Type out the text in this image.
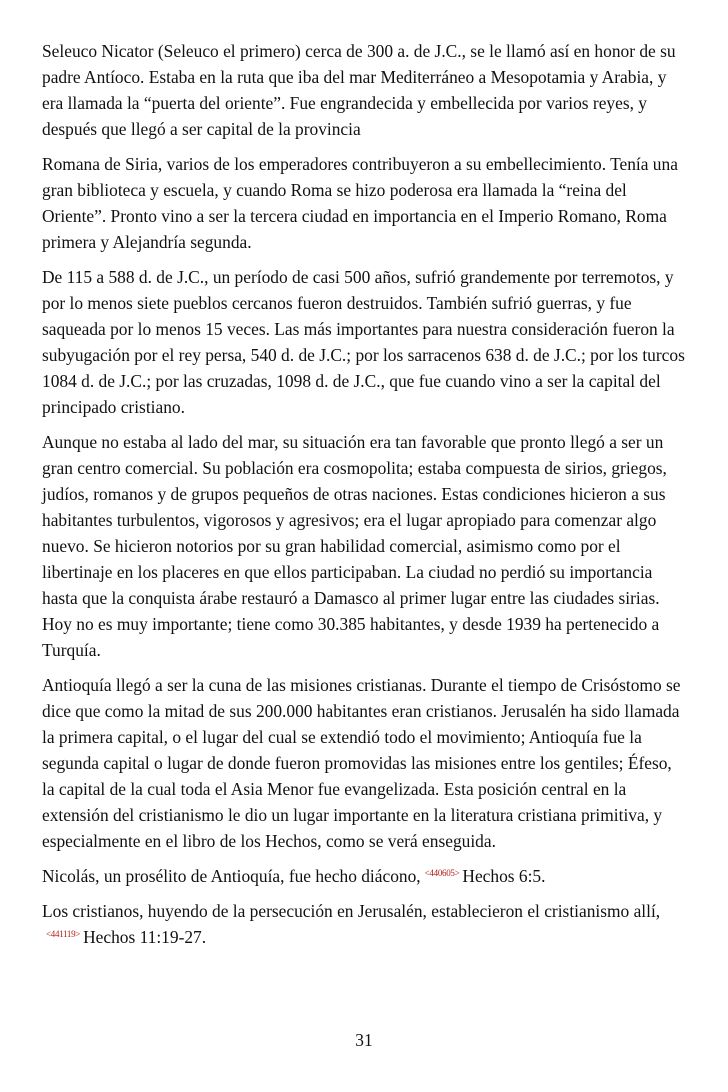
Seleuco Nicator (Seleuco el primero) cerca de 300 a. de J.C., se le llamó así en honor de su padre Antíoco. Estaba en la ruta que iba del mar Mediterráneo a Mesopotamia y Arabia, y era llamada la “puerta del oriente”. Fue engrandecida y embellecida por varios reyes, y después que llegó a ser capital de la provincia

Romana de Siria, varios de los emperadores contribuyeron a su embellecimiento. Tenía una gran biblioteca y escuela, y cuando Roma se hizo poderosa era llamada la “reina del Oriente”. Pronto vino a ser la tercera ciudad en importancia en el Imperio Romano, Roma primera y Alejandría segunda.

De 115 a 588 d. de J.C., un período de casi 500 años, sufrió grandemente por terremotos, y por lo menos siete pueblos cercanos fueron destruidos. También sufrió guerras, y fue saqueada por lo menos 15 veces. Las más importantes para nuestra consideración fueron la subyugación por el rey persa, 540 d. de J.C.; por los sarracenos 638 d. de J.C.; por los turcos 1084 d. de J.C.; por las cruzadas, 1098 d. de J.C., que fue cuando vino a ser la capital del principado cristiano.

Aunque no estaba al lado del mar, su situación era tan favorable que pronto llegó a ser un gran centro comercial. Su población era cosmopolita; estaba compuesta de sirios, griegos, judíos, romanos y de grupos pequeños de otras naciones. Estas condiciones hicieron a sus habitantes turbulentos, vigorosos y agresivos; era el lugar apropiado para comenzar algo nuevo. Se hicieron notorios por su gran habilidad comercial, asimismo como por el libertinaje en los placeres en que ellos participaban. La ciudad no perdió su importancia hasta que la conquista árabe restauró a Damasco al primer lugar entre las ciudades sirias. Hoy no es muy importante; tiene como 30.385 habitantes, y desde 1939 ha pertenecido a Turquía.

Antioquía llegó a ser la cuna de las misiones cristianas. Durante el tiempo de Crisóstomo se dice que como la mitad de sus 200.000 habitantes eran cristianos. Jerusalén ha sido llamada la primera capital, o el lugar del cual se extendió todo el movimiento; Antioquía fue la segunda capital o lugar de donde fueron promovidas las misiones entre los gentiles; Éfeso, la capital de la cual toda el Asia Menor fue evangelizada. Esta posición central en la extensión del cristianismo le dio un lugar importante en la literatura cristiana primitiva, y especialmente en el libro de los Hechos, como se verá enseguida.

Nicolás, un prosélito de Antioquía, fue hecho diácono, $^{<440605>}$ Hechos 6:5.

Los cristianos, huyendo de la persecución en Jerusalén, establecieron el cristianismo allí,$^{<441119>}$ Hechos 11:19-27.

31
